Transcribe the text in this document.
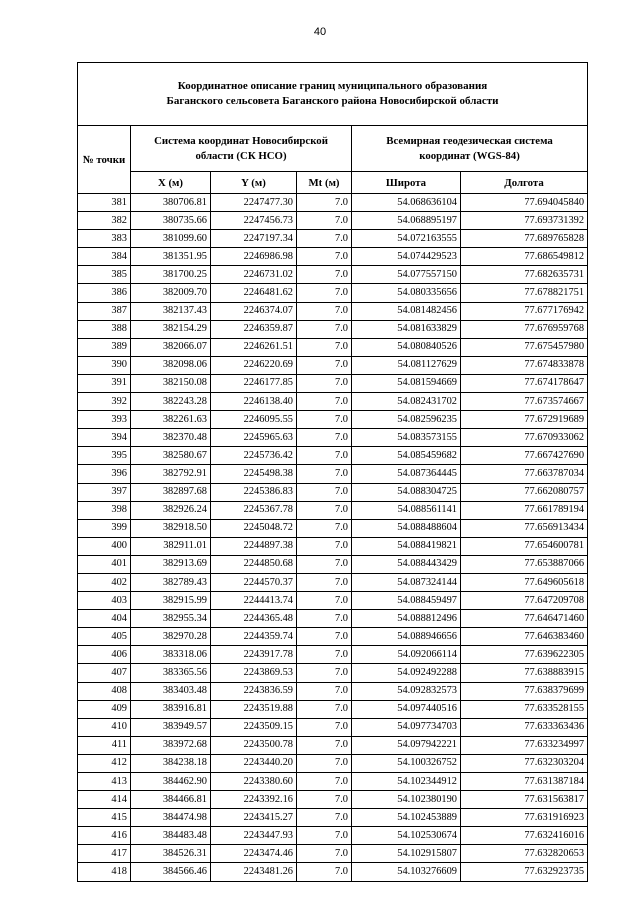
40
Координатное описание границ муниципального образования
Баганского сельсовета Баганского района Новосибирской области					

№ точки	Система координат Новосибирской
области (СК НСО)			Всемирная геодезическая система
координат (WGS-84)	

	X (м)	Y (м)	Mt (м)	Широта	Долгота
381	380706.81	2247477.30	7.0	54.068636104	77.694045840
382	380735.66	2247456.73	7.0	54.068895197	77.693731392
383	381099.60	2247197.34	7.0	54.072163555	77.689765828
384	381351.95	2246986.98	7.0	54.074429523	77.686549812
385	381700.25	2246731.02	7.0	54.077557150	77.682635731
386	382009.70	2246481.62	7.0	54.080335656	77.678821751
387	382137.43	2246374.07	7.0	54.081482456	77.677176942
388	382154.29	2246359.87	7.0	54.081633829	77.676959768
389	382066.07	2246261.51	7.0	54.080840526	77.675457980
390	382098.06	2246220.69	7.0	54.081127629	77.674833878
391	382150.08	2246177.85	7.0	54.081594669	77.674178647
392	382243.28	2246138.40	7.0	54.082431702	77.673574667
393	382261.63	2246095.55	7.0	54.082596235	77.672919689
394	382370.48	2245965.63	7.0	54.083573155	77.670933062
395	382580.67	2245736.42	7.0	54.085459682	77.667427690
396	382792.91	2245498.38	7.0	54.087364445	77.663787034
397	382897.68	2245386.83	7.0	54.088304725	77.662080757
398	382926.24	2245367.78	7.0	54.088561141	77.661789194
399	382918.50	2245048.72	7.0	54.088488604	77.656913434
400	382911.01	2244897.38	7.0	54.088419821	77.654600781
401	382913.69	2244850.68	7.0	54.088443429	77.653887066
402	382789.43	2244570.37	7.0	54.087324144	77.649605618
403	382915.99	2244413.74	7.0	54.088459497	77.647209708
404	382955.34	2244365.48	7.0	54.088812496	77.646471460
405	382970.28	2244359.74	7.0	54.088946656	77.646383460
406	383318.06	2243917.78	7.0	54.092066114	77.639622305
407	383365.56	2243869.53	7.0	54.092492288	77.638883915
408	383403.48	2243836.59	7.0	54.092832573	77.638379699
409	383916.81	2243519.88	7.0	54.097440516	77.633528155
410	383949.57	2243509.15	7.0	54.097734703	77.633363436
411	383972.68	2243500.78	7.0	54.097942221	77.633234997
412	384238.18	2243440.20	7.0	54.100326752	77.632303204
413	384462.90	2243380.60	7.0	54.102344912	77.631387184
414	384466.81	2243392.16	7.0	54.102380190	77.631563817
415	384474.98	2243415.27	7.0	54.102453889	77.631916923
416	384483.48	2243447.93	7.0	54.102530674	77.632416016
417	384526.31	2243474.46	7.0	54.102915807	77.632820653
418	384566.46	2243481.26	7.0	54.103276609	77.632923735
